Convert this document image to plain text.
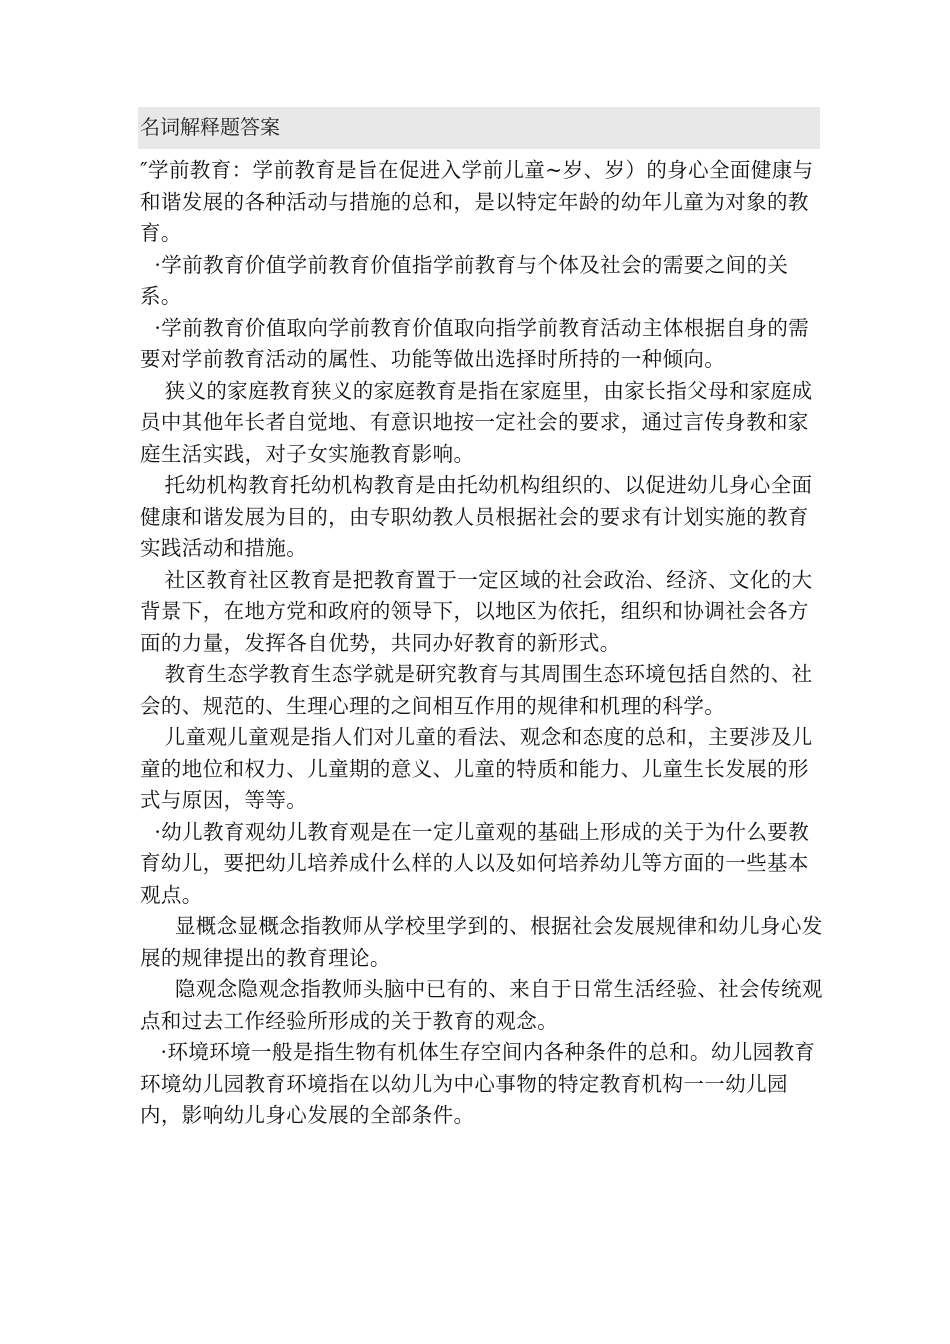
名词解释题答案

″学前教育：学前教育是旨在促进入学前儿童~岁、岁）的身心全面健康与和谐发展的各种活动与措施的总和，是以特定年龄的幼年儿童为对象的教育。

·学前教育价值学前教育价值指学前教育与个体及社会的需要之间的关系。

·学前教育价值取向学前教育价值取向指学前教育活动主体根据自身的需要对学前教育活动的属性、功能等做出选择时所持的一种倾向。

狭义的家庭教育狭义的家庭教育是指在家庭里，由家长指父母和家庭成员中其他年长者自觉地、有意识地按一定社会的要求，通过言传身教和家庭生活实践，对子女实施教育影响。

托幼机构教育托幼机构教育是由托幼机构组织的、以促进幼儿身心全面健康和谐发展为目的，由专职幼教人员根据社会的要求有计划实施的教育实践活动和措施。

社区教育社区教育是把教育置于一定区域的社会政治、经济、文化的大背景下，在地方党和政府的领导下，以地区为依托，组织和协调社会各方面的力量，发挥各自优势，共同办好教育的新形式。

教育生态学教育生态学就是研究教育与其周围生态环境包括自然的、社会的、规范的、生理心理的之间相互作用的规律和机理的科学。

儿童观儿童观是指人们对儿童的看法、观念和态度的总和，主要涉及儿童的地位和权力、儿童期的意义、儿童的特质和能力、儿童生长发展的形式与原因，等等。

·幼儿教育观幼儿教育观是在一定儿童观的基础上形成的关于为什么要教育幼儿，要把幼儿培养成什么样的人以及如何培养幼儿等方面的一些基本观点。

显概念显概念指教师从学校里学到的、根据社会发展规律和幼儿身心发展的规律提出的教育理论。

隐观念隐观念指教师头脑中已有的、来自于日常生活经验、社会传统观点和过去工作经验所形成的关于教育的观念。

·环境环境一般是指生物有机体生存空间内各种条件的总和。幼儿园教育环境幼儿园教育环境指在以幼儿为中心事物的特定教育机构一一幼儿园内，影响幼儿身心发展的全部条件。
